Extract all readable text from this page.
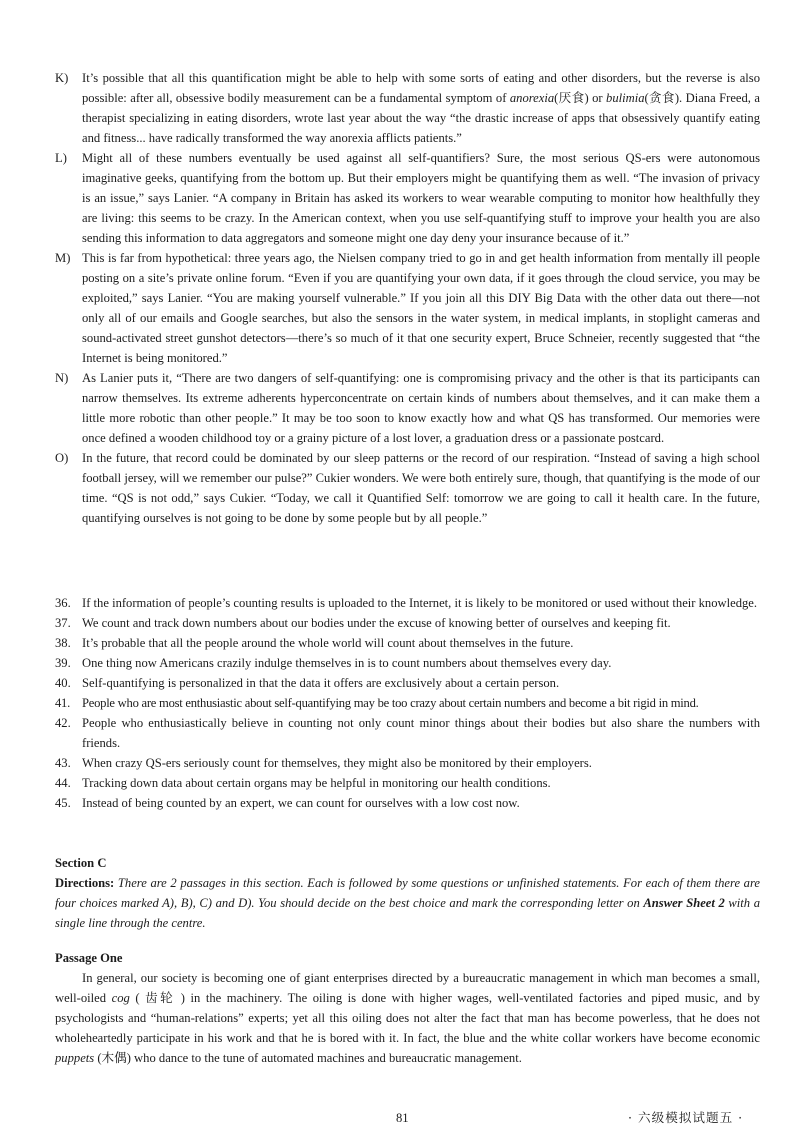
K) It’s possible that all this quantification might be able to help with some sorts of eating and other disorders, but the reverse is also possible: after all, obsessive bodily measurement can be a fundamental symptom of anorexia(厌食) or bulimia(贪食). Diana Freed, a therapist specializing in eating disorders, wrote last year about the way “the drastic increase of apps that obsessively quantify eating and fitness... have radically transformed the way anorexia afflicts patients.”
L) Might all of these numbers eventually be used against all self-quantifiers? Sure, the most serious QS-ers were autonomous imaginative geeks, quantifying from the bottom up. But their employers might be quantifying them as well. “The invasion of privacy is an issue,” says Lanier. “A company in Britain has asked its workers to wear wearable computing to monitor how healthfully they are living: this seems to be crazy. In the American context, when you use self-quantifying stuff to improve your health you are also sending this information to data aggregators and someone might one day deny your insurance because of it.”
M) This is far from hypothetical: three years ago, the Nielsen company tried to go in and get health information from mentally ill people posting on a site’s private online forum. “Even if you are quantifying your own data, if it goes through the cloud service, you may be exploited,” says Lanier. “You are making yourself vulnerable.” If you join all this DIY Big Data with the other data out there—not only all of our emails and Google searches, but also the sensors in the water system, in medical implants, in stoplight cameras and sound-activated street gunshot detectors—there’s so much of it that one security expert, Bruce Schneier, recently suggested that “the Internet is being monitored.”
N) As Lanier puts it, “There are two dangers of self-quantifying: one is compromising privacy and the other is that its participants can narrow themselves. Its extreme adherents hyperconcentrate on certain kinds of numbers about themselves, and it can make them a little more robotic than other people.” It may be too soon to know exactly how and what QS has transformed. Our memories were once defined a wooden childhood toy or a grainy picture of a lost lover, a graduation dress or a passionate postcard.
O) In the future, that record could be dominated by our sleep patterns or the record of our respiration. “Instead of saving a high school football jersey, will we remember our pulse?” Cukier wonders. We were both entirely sure, though, that quantifying is the mode of our time. “QS is not odd,” says Cukier. “Today, we call it Quantified Self: tomorrow we are going to call it health care. In the future, quantifying ourselves is not going to be done by some people but by all people.”
36. If the information of people’s counting results is uploaded to the Internet, it is likely to be monitored or used without their knowledge.
37. We count and track down numbers about our bodies under the excuse of knowing better of ourselves and keeping fit.
38. It’s probable that all the people around the whole world will count about themselves in the future.
39. One thing now Americans crazily indulge themselves in is to count numbers about themselves every day.
40. Self-quantifying is personalized in that the data it offers are exclusively about a certain person.
41. People who are most enthusiastic about self-quantifying may be too crazy about certain numbers and become a bit rigid in mind.
42. People who enthusiastically believe in counting not only count minor things about their bodies but also share the numbers with friends.
43. When crazy QS-ers seriously count for themselves, they might also be monitored by their employers.
44. Tracking down data about certain organs may be helpful in monitoring our health conditions.
45. Instead of being counted by an expert, we can count for ourselves with a low cost now.

Section C

Directions: There are 2 passages in this section. Each is followed by some questions or unfinished statements. For each of them there are four choices marked A), B), C) and D). You should decide on the best choice and mark the corresponding letter on Answer Sheet 2 with a single line through the centre.

Passage One

In general, our society is becoming one of giant enterprises directed by a bureaucratic management in which man becomes a small, well-oiled cog ( 齿轮 ) in the machinery. The oiling is done with higher wages, well-ventilated factories and piped music, and by psychologists and “human-relations” experts; yet all this oiling does not alter the fact that man has become powerless, that he does not wholeheartedly participate in his work and that he is bored with it. In fact, the blue and the white collar workers have become economic puppets (木偶) who dance to the tune of automated machines and bureaucratic management.

81	· 六级模拟试题五 ·
